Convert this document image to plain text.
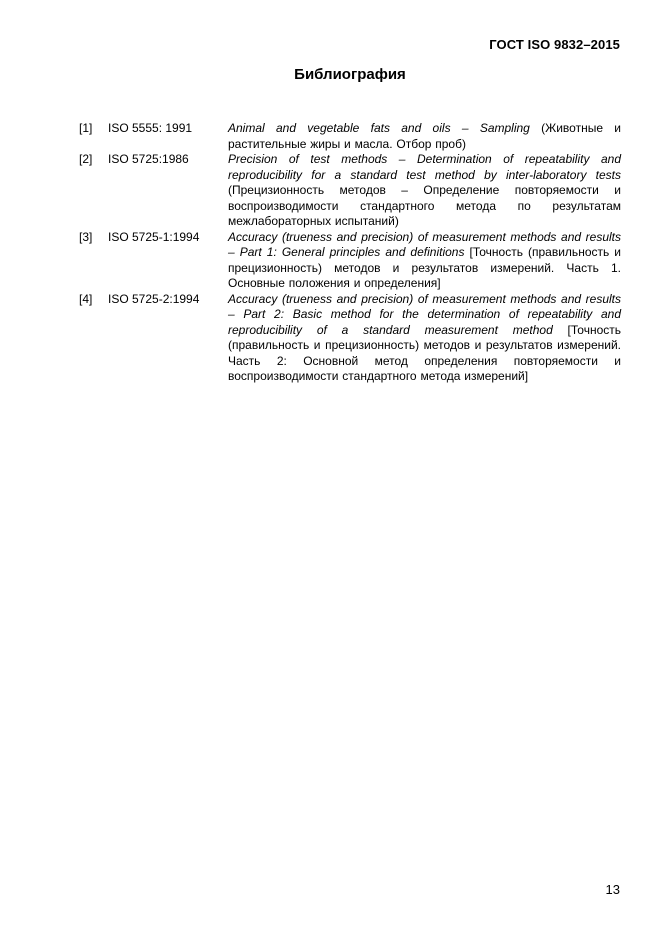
ГОСТ ISO 9832–2015
Библиография
[1]	ISO 5555: 1991	Animal and vegetable fats and oils – Sampling (Животные и растительные жиры и масла. Отбор проб)
[2]	ISO 5725:1986	Precision of test methods – Determination of repeatability and reproducibility for a standard test method by inter-laboratory tests (Прецизионность методов – Определение повторяемости и воспроизводимости стандартного метода по результатам межлабораторных испытаний)
[3]	ISO 5725-1:1994	Accuracy (trueness and precision) of measurement methods and results – Part 1: General principles and definitions [Точность (правильность и прецизионность) методов и результатов измерений. Часть 1. Основные положения и определения]
[4]	ISO 5725-2:1994	Accuracy (trueness and precision) of measurement methods and results – Part 2: Basic method for the determination of repeatability and reproducibility of a standard measurement method [Точность (правильность и прецизионность) методов и результатов измерений. Часть 2: Основной метод определения повторяемости и воспроизводимости стандартного метода измерений]
13
